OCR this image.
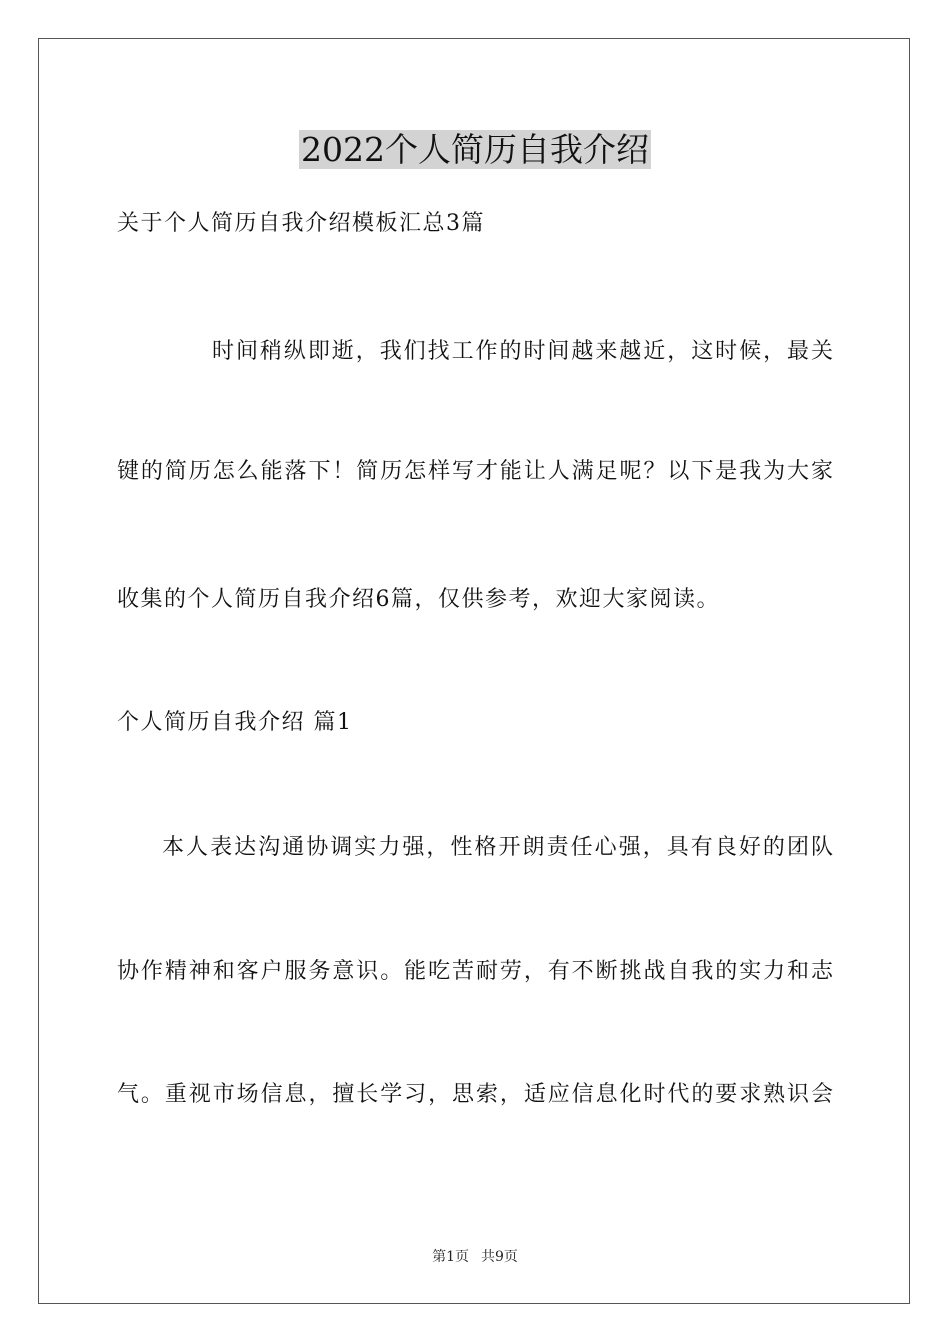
2022个人简历自我介绍

关于个人简历自我介绍模板汇总3篇

时间稍纵即逝，我们找工作的时间越来越近，这时候，最关

键的简历怎么能落下！简历怎样写才能让人满足呢？以下是我为大家

收集的个人简历自我介绍6篇，仅供参考，欢迎大家阅读。

个人简历自我介绍 篇1

本人表达沟通协调实力强，性格开朗责任心强，具有良好的团队

协作精神和客户服务意识。能吃苦耐劳，有不断挑战自我的实力和志

气。重视市场信息，擅长学习，思索，适应信息化时代的要求熟识会

第1页 共9页
